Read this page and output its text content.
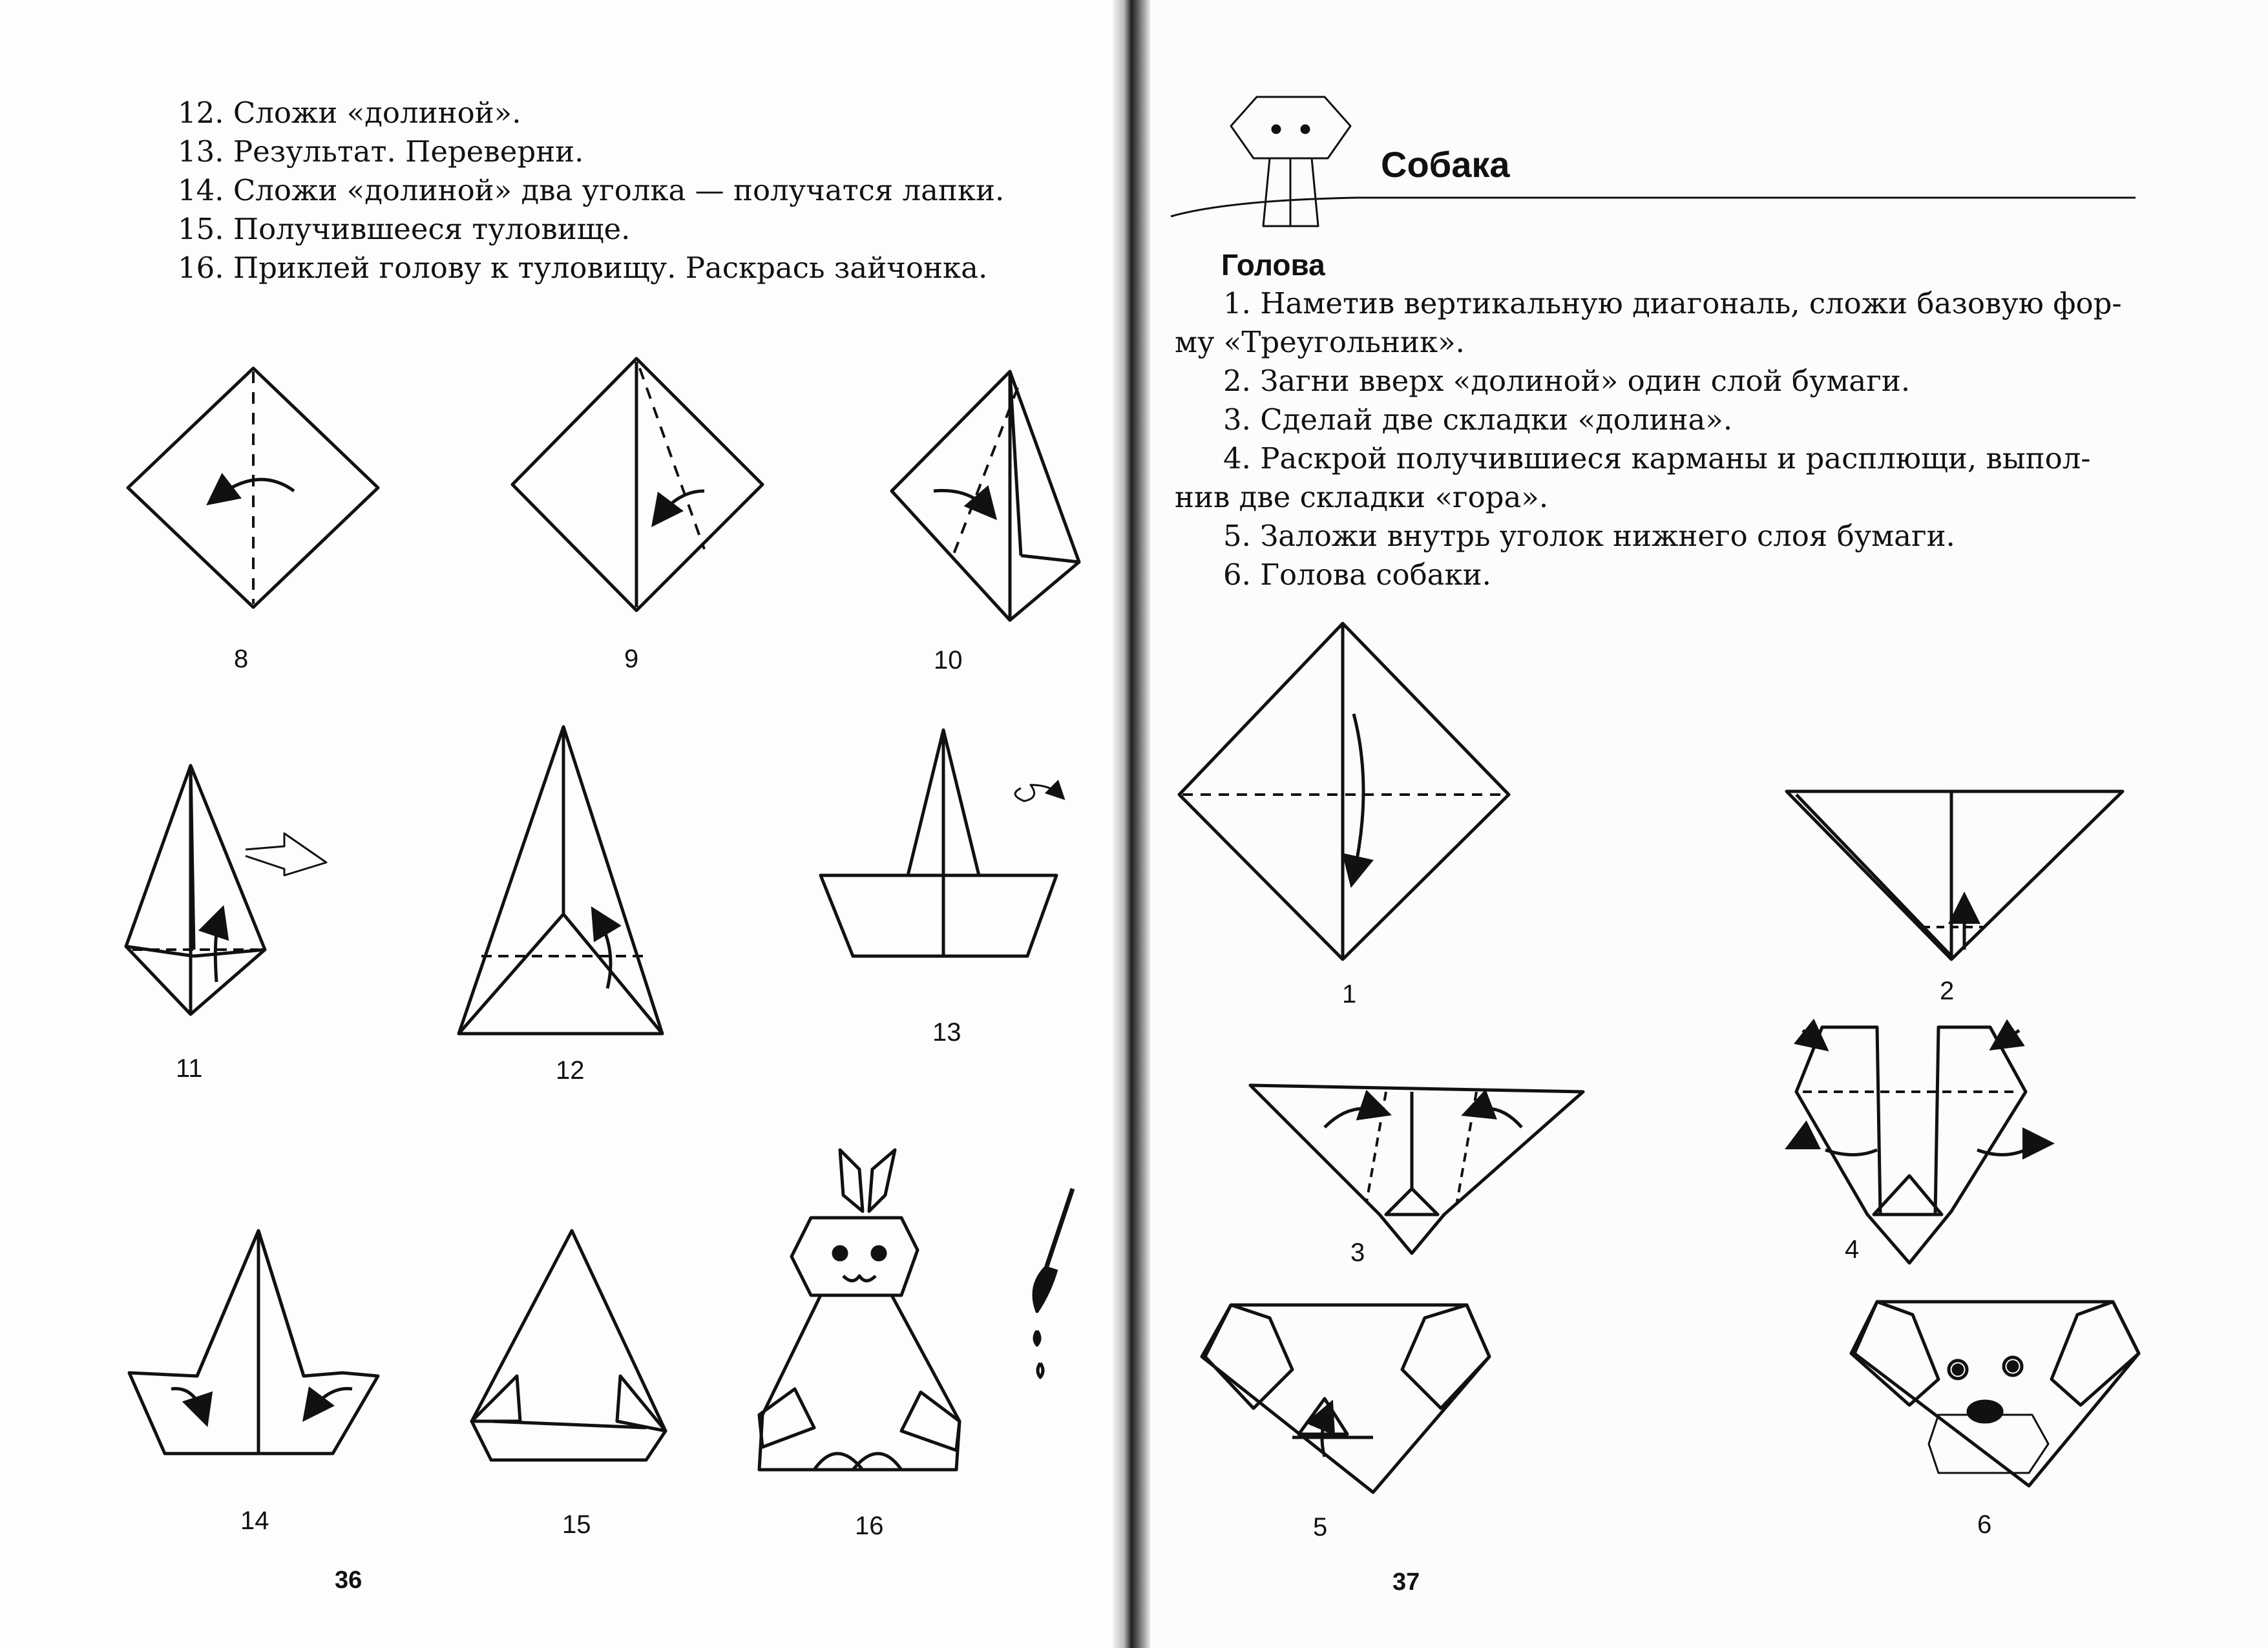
12. Сложи «долиной».
13. Результат. Переверни.
14. Сложи «долиной» два уголка — получатся лапки.
15. Получившееся туловище.
16. Приклей голову к туловищу. Раскрась зайчонка.
Собака
Голова
1. Наметив вертикальную диагональ, сложи базовую фор-
му «Треугольник».
2. Загни вверх «долиной» один слой бумаги.
3. Сделай две складки «долина».
4. Раскрой получившиеся карманы и расплющи, выпол-
нив две складки «гора».
5. Заложи внутрь уголок нижнего слоя бумаги.
6. Голова собаки.
8	9	10
11	12
13
14	15	16
36
1	2
3	4
5	6
37
